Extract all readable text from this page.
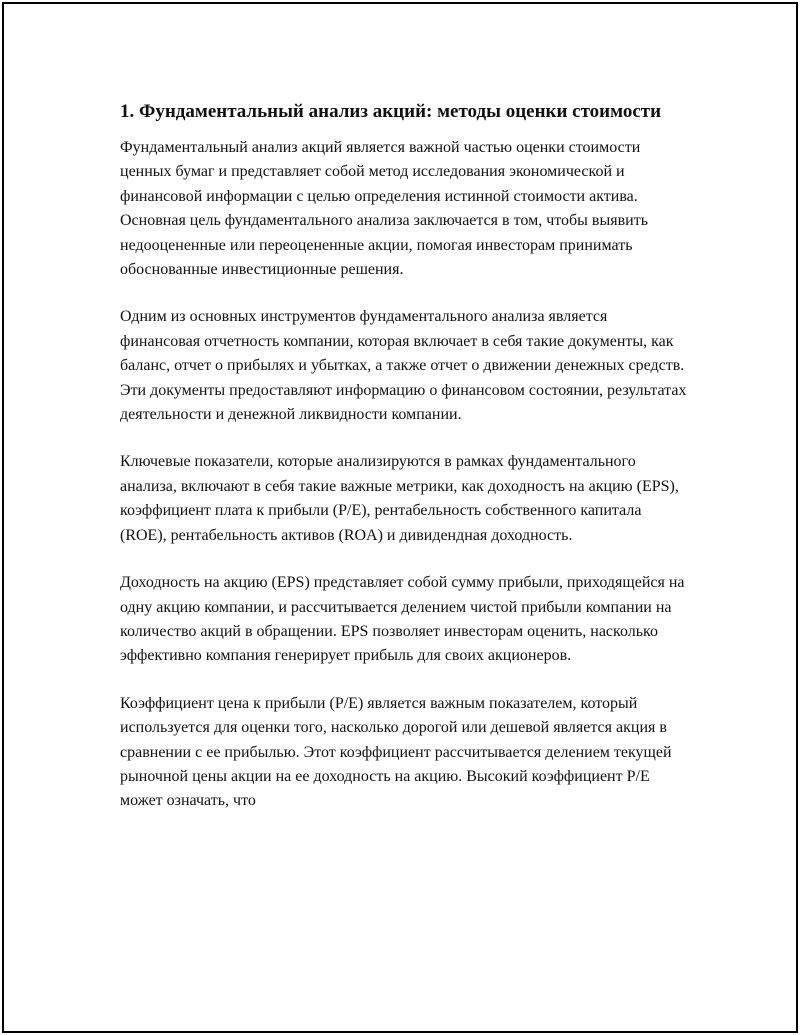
1. Фундаментальный анализ акций: методы оценки стоимости

Фундаментальный анализ акций является важной частью оценки стоимости ценных бумаг и представляет собой метод исследования экономической и финансовой информации с целью определения истинной стоимости актива. Основная цель фундаментального анализа заключается в том, чтобы выявить недооцененные или переоцененные акции, помогая инвесторам принимать обоснованные инвестиционные решения.

Одним из основных инструментов фундаментального анализа является финансовая отчетность компании, которая включает в себя такие документы, как баланс, отчет о прибылях и убытках, а также отчет о движении денежных средств. Эти документы предоставляют информацию о финансовом состоянии, результатах деятельности и денежной ликвидности компании.

Ключевые показатели, которые анализируются в рамках фундаментального анализа, включают в себя такие важные метрики, как доходность на акцию (EPS), коэффициент плата к прибыли (P/E), рентабельность собственного капитала (ROE), рентабельность активов (ROA) и дивидендная доходность.

Доходность на акцию (EPS) представляет собой сумму прибыли, приходящейся на одну акцию компании, и рассчитывается делением чистой прибыли компании на количество акций в обращении. EPS позволяет инвесторам оценить, насколько эффективно компания генерирует прибыль для своих акционеров.

Коэффициент цена к прибыли (P/E) является важным показателем, который используется для оценки того, насколько дорогой или дешевой является акция в сравнении с ее прибылью. Этот коэффициент рассчитывается делением текущей рыночной цены акции на ее доходность на акцию. Высокий коэффициент P/E может означать, что
